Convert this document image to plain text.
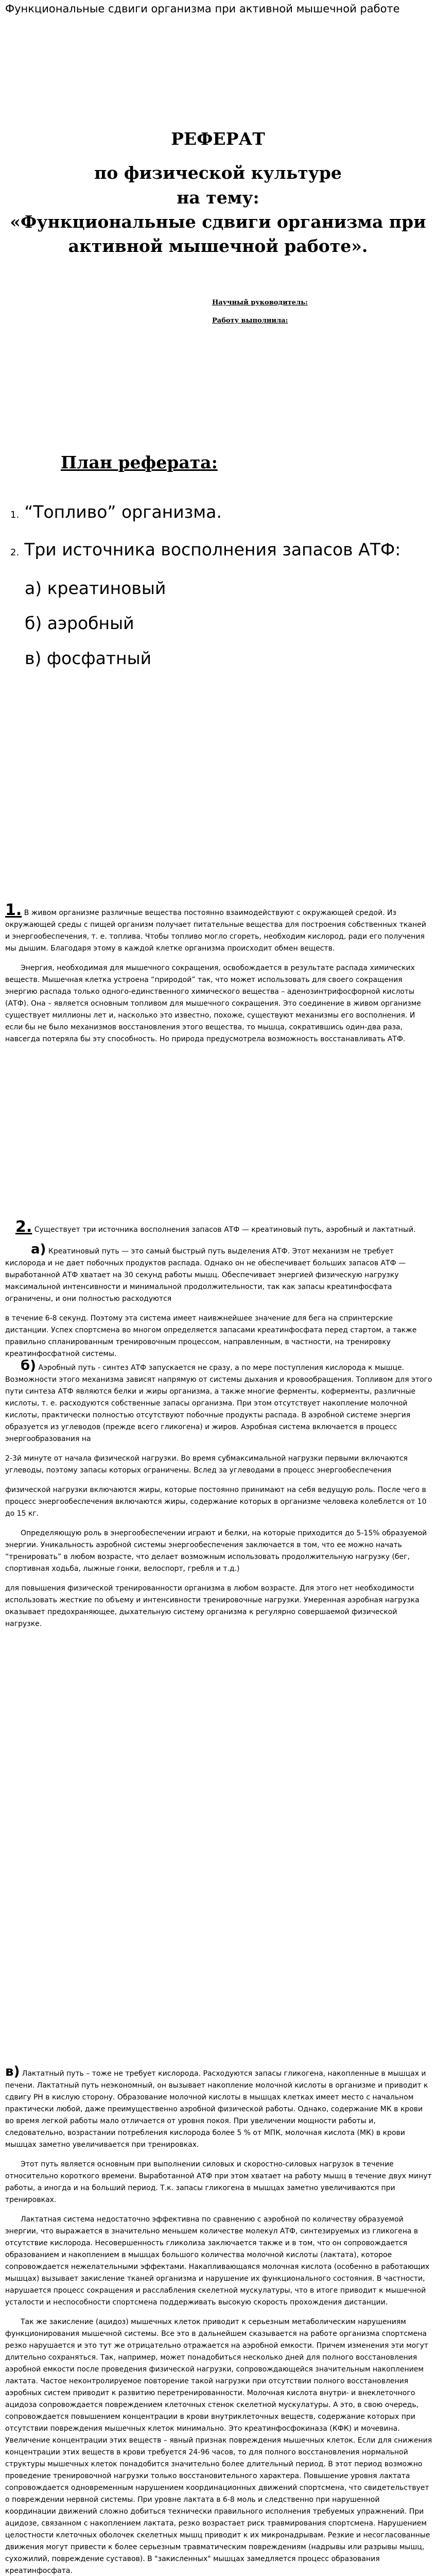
Функциональные сдвиги организма при активной мышечной работе
РЕФЕРАТ
по физической культуре
на тему:
«Функциональные сдвиги организма при
активной мышечной работе».
Научный руководитель:
Работу выполнила:
План реферата:
1. “Топливо” организма.
2. Три источника восполнения запасов АТФ:
а) креатиновый
б) аэробный
в) фосфатный

1. В живом организме различные вещества постоянно взаимодействуют с окружающей средой. Из окружающей среды с пищей организм получает питательные вещества для построения собственных тканей и энергообеспечения, т. е. топлива. Чтобы топливо могло сгореть, необходим кислород, ради его получения мы дышим. Благодаря этому в каждой клетке организма происходит обмен веществ.

Энергия, необходимая для мышечного сокращения, освобождается в результате распада химических веществ. Мышечная клетка устроена “природой” так, что может использовать для своего сокращения энергию распада только одного-единственного химического вещества – аденозинтрифосфорной кислоты (АТФ). Она – является основным топливом для мышечного сокращения. Это соединение в живом организме существует миллионы лет и, насколько это известно, похоже, существуют механизмы его восполнения. И если бы не было механизмов восстановления этого вещества, то мышца, сократившись один-два раза, навсегда потеряла бы эту способность. Но природа предусмотрела возможность восстанавливать АТФ.

2. Существует три источника восполнения запасов АТФ — креатиновый путь, аэробный и лактатный.

а) Креатиновый путь — это самый быстрый путь выделения АТФ. Этот механизм не требует кислорода и не дает побочных продуктов распада. Однако он не обеспечивает больших запасов АТФ — выработанной АТФ хватает на 30 секунд работы мышц. Обеспечивает энергией физическую нагрузку максимальной интенсивности и минимальной продолжительности, так как запасы креатинфосфата ограничены, и они полностью расходуются

в течение 6-8 секунд. Поэтому эта система имеет наивжнейшее значение для бега на спринтерские дистанции. Успех спортсмена во многом определяется запасами креатинфосфата перед стартом, а также правильно спланированным тренировочным процессом, направленным, в частности, на тренировку креатинфосфатной системы.

б) Аэробный путь - синтез АТФ запускается не сразу, а по мере поступления кислорода к мышце. Возможности этого механизма зависят напрямую от системы дыхания и кровообращения. Топливом для этого пути синтеза АТФ являются белки и жиры организма, а также многие ферменты, коферменты, различные кислоты, т. е. расходуются собственные запасы организма. При этом отсутствует накопление молочной кислоты, практически полностью отсутствуют побочные продукты распада. В аэробной системе энергия образуется из углеводов (прежде всего гликогена) и жиров. Аэробная система включается в процесс энергообразования на

2-3й минуте от начала физической нагрузки. Во время субмаксимальной нагрузки первыми включаются углеводы, поэтому запасы которых ограничены. Вслед за углеводами в процесс энергообеспечения

физической нагрузки включаются жиры, которые постоянно принимают на себя ведущую роль. После чего в процесс энергообеспечения включаются жиры, содержание которых в организме человека колеблется от 10 до 15 кг.

Определяющую роль в энергообеспечении играют и белки, на которые приходится до 5-15% образуемой энергии. Уникальность аэробной системы энергообеспечения заключается в том, что ее можно начать “тренировать” в любом возрасте, что делает возможным использовать продолжительную нагрузку (бег, спортивная ходьба, лыжные гонки, велоспорт, гребля и т.д.)

для повышения физической тренированности организма в любом возрасте. Для этого нет необходимости использовать жесткие по объему и интенсивности тренировочные нагрузки. Умеренная аэробная нагрузка оказывает предохраняющее, дыхательную систему организма к регулярно совершаемой физической нагрузке.

в) Лактатный путь – тоже не требует кислорода. Расходуются запасы гликогена, накопленные в мышцах и печени. Лактатный путь неэкономный, он вызывает накопление молочной кислоты в организме и приводит к сдвигу РН в кислую сторону. Образование молочной кислоты в мышцах клетках имеет место с начальном практически любой, даже преимущественно аэробной физической работы. Однако, содержание МК в крови во время легкой работы мало отличается от уровня покоя. При увеличении мощности работы и, следовательно, возрастании потребления кислорода более 5 % от МПК, молочная кислота (МК) в крови мышцах заметно увеличивается при тренировках.

Этот путь является основным при выполнении силовых и скоростно-силовых нагрузок в течение относительно короткого времени. Выработанной АТФ при этом хватает на работу мышц в течение двух минут работы, а иногда и на больший период. Т.к. запасы гликогена в мышцах заметно увеличиваются при тренировках.

Лактатная система недостаточно эффективна по сравнению с аэробной по количеству образуемой энергии, что выражается в значительно меньшем количестве молекул АТФ, синтезируемых из гликогена в отсутствие кислорода. Несовершенность гликолиза заключается также и в том, что он сопровождается образованием и накоплением в мышцах большого количества молочной кислоты (лактата), которое сопровождается нежелательными эффектами. Накапливающаяся молочная кислота (особенно в работающих мышцах) вызывает закисление тканей организма и нарушение их функционального состояния. В частности, нарушается процесс сокращения и расслабления скелетной мускулатуры, что в итоге приводит к мышечной усталости и неспособности спортсмена поддерживать высокую скорость прохождения дистанции.

Так же закисление (ацидоз) мышечных клеток приводит к серьезным метаболическим нарушениям функционирования мышечной системы. Все это в дальнейшем сказывается на работе организма спортсмена резко нарушается и это тут же отрицательно отражается на аэробной емкости. Причем изменения эти могут длительно сохраняться. Так, например, может понадобиться несколько дней для полного восстановления аэробной емкости после проведения физической нагрузки, сопровождающейся значительным накоплением лактата. Частое неконтролируемое повторение такой нагрузки при отсутствии полного восстановления аэробных систем приводит к развитию перетренированности. Молочная кислота внутри- и внеклеточного ацидоза сопровождается повреждением клеточных стенок скелетной мускулатуры. А это, в свою очередь, сопровождается повышением концентрации в крови внутриклеточных веществ, содержание которых при отсутствии повреждения мышечных клеток минимально. Это креатинфосфокиназа (КФК) и мочевина. Увеличение концентрации этих веществ – явный признак повреждения мышечных клеток. Если для снижения концентрации этих веществ в крови требуется 24-96 часов, то для полного восстановления нормальной структуры мышечных клеток понадобится значительно более длительный период. В этот период возможно проведение тренировочной нагрузки только восстановительного характера. Повышение уровня лактата сопровождается одновременным нарушением координационных движений спортсмена, что свидетельствует о повреждении нервной системы. При уровне лактата в 6-8 моль и следственно при нарушенной координации движений сложно добиться технически правильного исполнения требуемых упражнений. При ацидозе, связанном с накоплением лактата, резко возрастает риск травмирования спортсмена. Нарушением целостности клеточных оболочек скелетных мышц приводит к их микронадрывам. Резкие и несогласованные движения могут привести к более серьезным травматическим повреждениям (надрывы или разрывы мышц, сухожилий, повреждение суставов). В "закисленных" мышцах замедляется процесс образования креатинфосфата.
